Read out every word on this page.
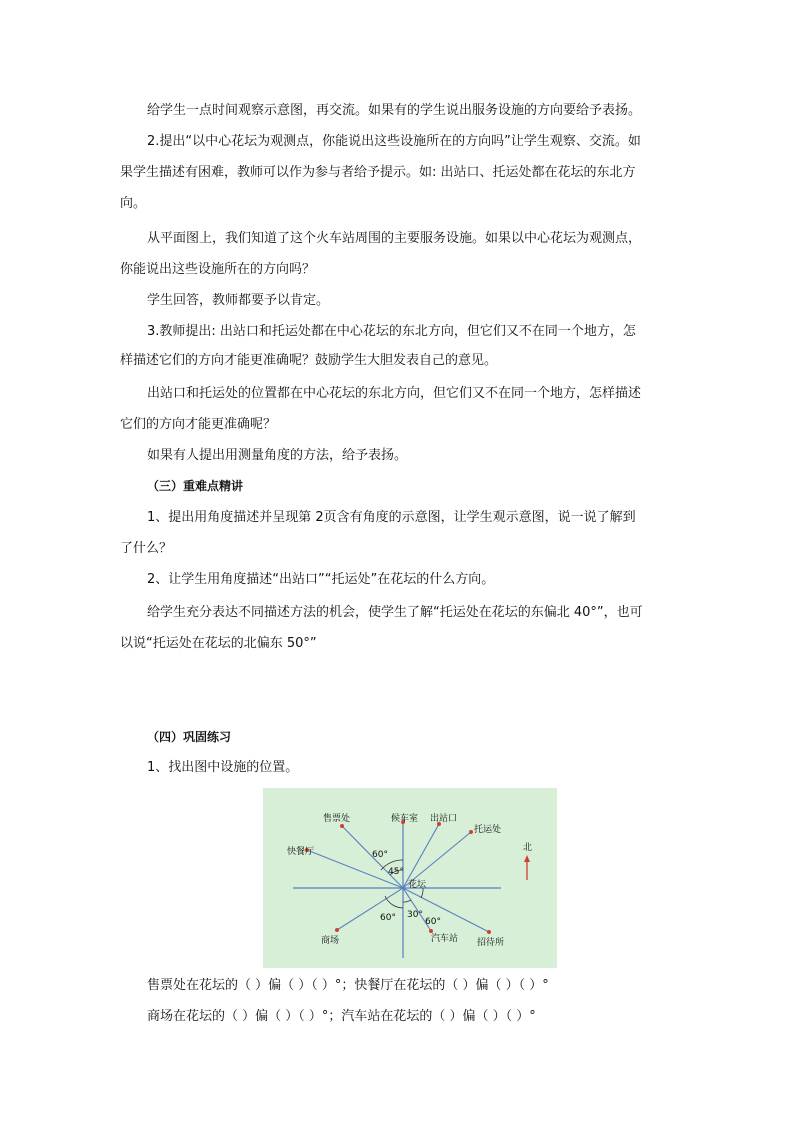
给学生一点时间观察示意图，再交流。如果有的学生说出服务设施的方向要给予表扬。
2.提出“以中心花坛为观测点，你能说出这些设施所在的方向吗”让学生观察、交流。如
果学生描述有困难，教师可以作为参与者给予提示。如: 出站口、托运处都在花坛的东北方
向。
从平面图上，我们知道了这个火车站周围的主要服务设施。如果以中心花坛为观测点，
你能说出这些设施所在的方向吗？
学生回答，教师都要予以肯定。
3.教师提出: 出站口和托运处都在中心花坛的东北方向，但它们又不在同一个地方，怎
样描述它们的方向才能更准确呢？鼓励学生大胆发表自己的意见。
出站口和托运处的位置都在中心花坛的东北方向，但它们又不在同一个地方，怎样描述
它们的方向才能更准确呢？
如果有人提出用测量角度的方法，给予表扬。
（三）重难点精讲
1、提出用角度描述并呈现第 2页含有角度的示意图，让学生观示意图，说一说了解到
了什么？
2、让学生用角度描述“出站口”“托运处”在花坛的什么方向。
给学生充分表达不同描述方法的机会，使学生了解“托运处在花坛的东偏北 40°”，也可
以说“托运处在花坛的北偏东 50°”
（四）巩固练习
1、找出图中设施的位置。
售票处	候车室 出站口
托运处
快餐厅
商场	汽车站 招待所
花坛
60°
45°
60° 30°
60°
北
售票处在花坛的（ ）偏（ ）（ ）°；快餐厅在花坛的（ ）偏（ ）（ ）°
商场在花坛的（ ）偏（ ）（ ）°；汽车站在花坛的（ ）偏（ ）（ ）°
